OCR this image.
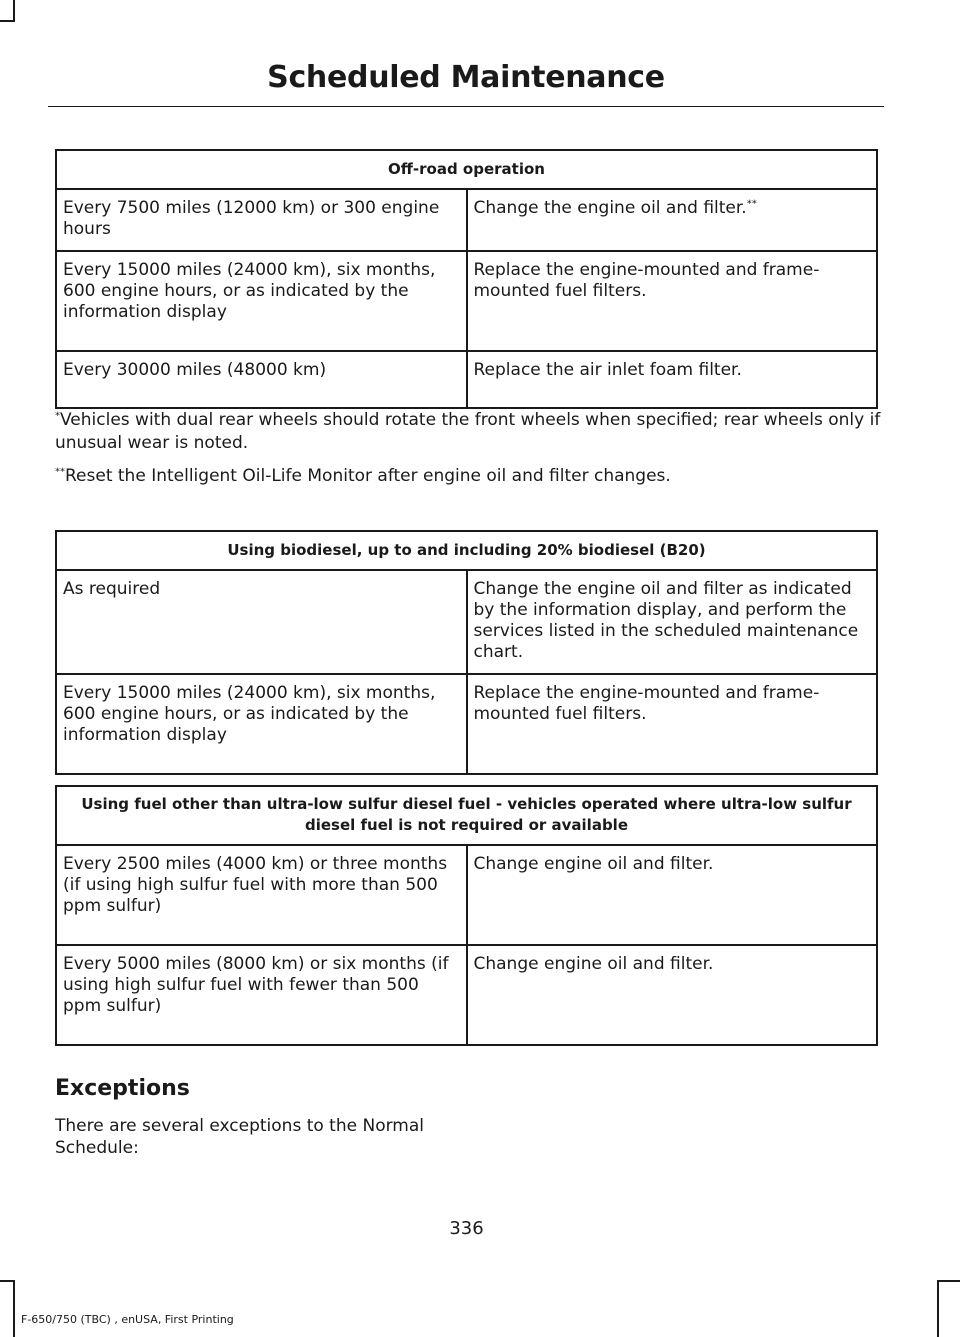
Scheduled Maintenance
Off-road operation	
Every 7500 miles (12000 km) or 300 engine hours	Change the engine oil and filter.**
Every 15000 miles (24000 km), six months, 600 engine hours, or as indicated by the information display	Replace the engine-mounted and frame-mounted fuel filters.
Every 30000 miles (48000 km)	Replace the air inlet foam filter.
*Vehicles with dual rear wheels should rotate the front wheels when specified; rear wheels only if unusual wear is noted.
**Reset the Intelligent Oil-Life Monitor after engine oil and filter changes.
Using biodiesel, up to and including 20% biodiesel (B20)	
As required	Change the engine oil and filter as indicated by the information display, and perform the services listed in the scheduled maintenance chart.
Every 15000 miles (24000 km), six months, 600 engine hours, or as indicated by the information display	Replace the engine-mounted and frame-mounted fuel filters.
Using fuel other than ultra-low sulfur diesel fuel - vehicles operated where ultra-low sulfur diesel fuel is not required or available	
Every 2500 miles (4000 km) or three months (if using high sulfur fuel with more than 500 ppm sulfur)	Change engine oil and filter.
Every 5000 miles (8000 km) or six months (if using high sulfur fuel with fewer than 500 ppm sulfur)	Change engine oil and filter.
Exceptions
There are several exceptions to the Normal Schedule:
336
F-650/750 (TBC) , enUSA, First Printing
